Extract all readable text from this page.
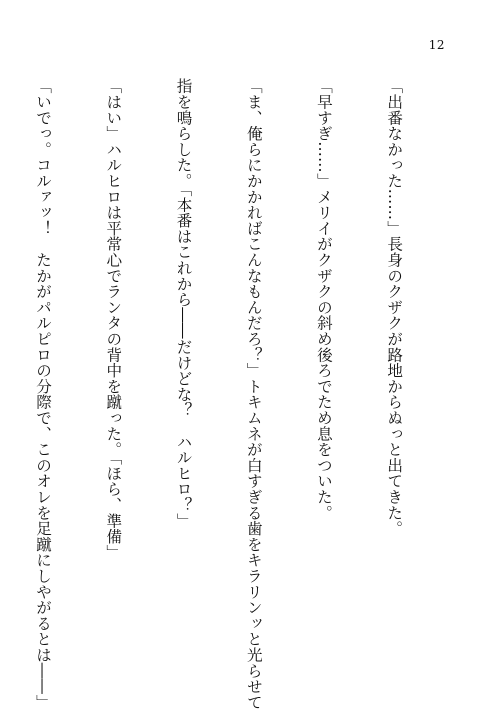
12

「出番なかった……」長身のクザクが路地からぬっと出てきた。

「早すぎ……」メリイがクザクの斜め後ろでため息をついた。

「ま、俺らにかかればこんなもんだろ？」トキムネが白すぎる歯をキラリンッと光らせて

指を鳴らした。「本番はこれから――だけどな？　ハルヒロ？」

「はい」ハルヒロは平常心でランタの背中を蹴った。「ほら、準備」

「いでっ。コルァッ！　たかがパルピロの分際で、このオレを足蹴にしやがるとは――」
